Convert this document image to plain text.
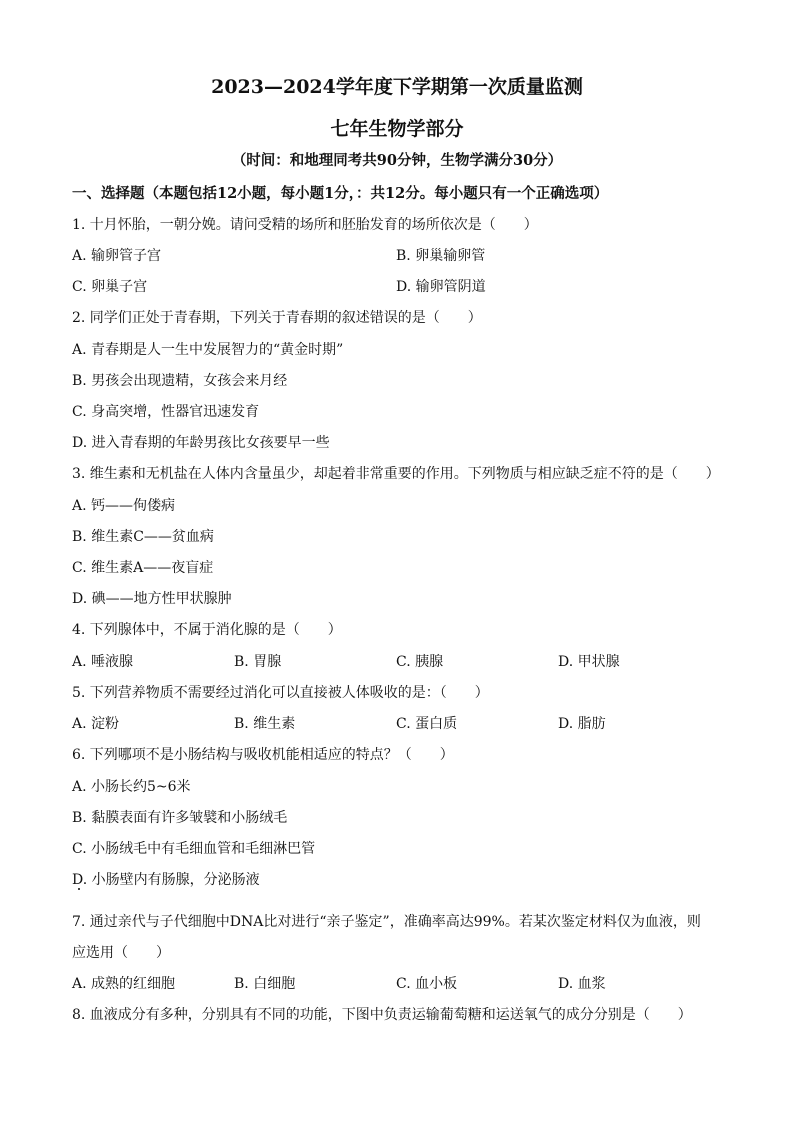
2023—2024学年度下学期第一次质量监测
七年生物学部分
（时间：和地理同考共90分钟，生物学满分30分）
一、选择题（本题包括12小题，每小题1分，：共12分。每小题只有一个正确选项）
1. 十月怀胎，一朝分娩。请问受精的场所和胚胎发育的场所依次是（　　）
A. 输卵管子宫	B. 卵巢输卵管
C. 卵巢子宫	D. 输卵管阴道
2. 同学们正处于青春期，下列关于青春期的叙述错误的是（　　）
A. 青春期是人一生中发展智力的“黄金时期”
B. 男孩会出现遗精，女孩会来月经
C. 身高突增，性器官迅速发育
D. 进入青春期的年龄男孩比女孩要早一些
3. 维生素和无机盐在人体内含量虽少，却起着非常重要的作用。下列物质与相应缺乏症不符的是（　　）
A. 钙——佝偻病
B. 维生素C——贫血病
C. 维生素A——夜盲症
D. 碘——地方性甲状腺肿
4. 下列腺体中，不属于消化腺的是（　　）
A. 唾液腺	B. 胃腺	C. 胰腺	D. 甲状腺
5. 下列营养物质不需要经过消化可以直接被人体吸收的是：（　　）
A. 淀粉	B. 维生素	C. 蛋白质	D. 脂肪
6. 下列哪项不是小肠结构与吸收机能相适应的特点？（　　）
A. 小肠长约5~6米
B. 黏膜表面有许多皱襞和小肠绒毛
C. 小肠绒毛中有毛细血管和毛细淋巴管
D. 小肠壁内有肠腺，分泌肠液
7. 通过亲代与子代细胞中DNA比对进行“亲子鉴定”，准确率高达99%。若某次鉴定材料仅为血液，则
应选用（　　）
A. 成熟的红细胞	B. 白细胞	C. 血小板	D. 血浆
8. 血液成分有多种，分别具有不同的功能，下图中负责运输葡萄糖和运送氧气的成分分别是（　　）
